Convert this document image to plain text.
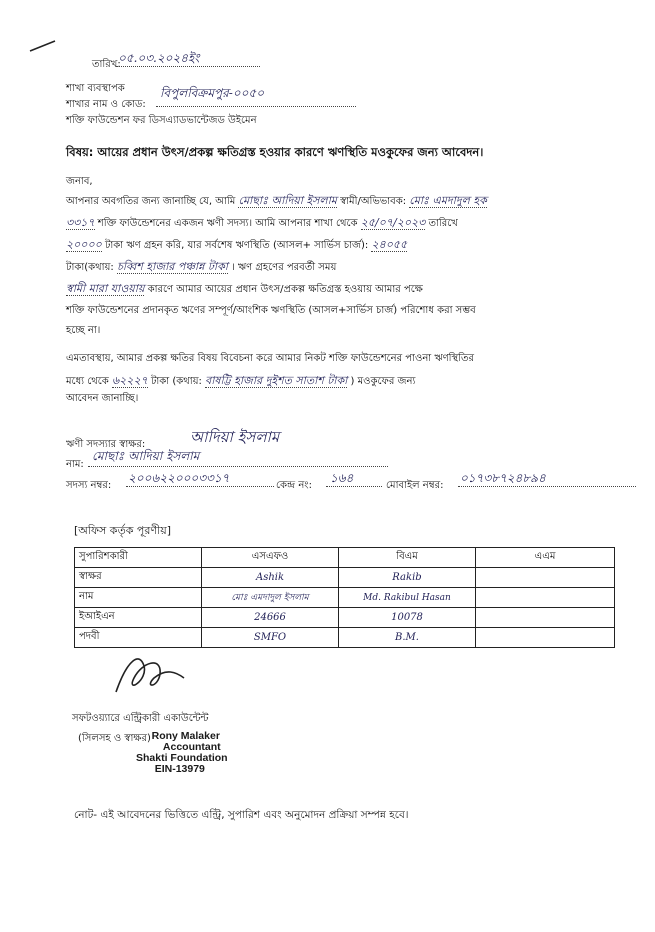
তারিখ:
০৫.০৩.২০২৪ইং
শাখা ব্যবস্থাপক
শাখার নাম ও কোড:
বিপুলবিক্রমপুর-০০৫০
শক্তি ফাউন্ডেশন ফর ডিসএ্যাডভান্টেজড উইমেন
বিষয়: আয়ের প্রধান উৎস/প্রকল্প ক্ষতিগ্রস্ত হওয়ার কারণে ঋণস্থিতি মওকুফের জন্য আবেদন।
জনাব,
আপনার অবগতির জন্য জানাচ্ছি যে, আমি মোছাঃ আদিয়া ইসলাম স্বামী/অভিভাবক: মোঃ এমদাদুল হক
৩৩১৭ শক্তি ফাউন্ডেশনের একজন ঋণী সদস্য। আমি আপনার শাখা থেকে ২৫/০৭/২০২৩ তারিখে
২০০০০ টাকা ঋণ গ্রহন করি, যার সর্বশেষ ঋণস্থিতি (আসল+ সার্ভিস চার্জ): ২৪০৫৫
টাকা(কথায়: চব্বিশ হাজার পঞ্চান্ন টাকা । ঋণ গ্রহণের পরবর্তী সময়
স্বামী মারা যাওয়ায় কারণে আমার আয়ের প্রধান উৎস/প্রকল্প ক্ষতিগ্রস্ত হওয়ায় আমার পক্ষে
শক্তি ফাউন্ডেশনের প্রদানকৃত ঋণের সম্পূর্ণ/আংশিক ঋণস্থিতি (আসল+সার্ভিস চার্জ) পরিশোধ করা সম্ভব
হচ্ছে না।
এমতাবস্থায়, আমার প্রকল্প ক্ষতির বিষয় বিবেচনা করে আমার নিকট শক্তি ফাউন্ডেশনের পাওনা ঋণস্থিতির
মধ্যে থেকে ৬২২২৭ টাকা (কথায়: বাষট্টি হাজার দুইশত সাতাশ টাকা ) মওকুফের জন্য
আবেদন জানাচ্ছি।
ঋণী সদস্যার স্বাক্ষর:	আদিয়া ইসলাম
নাম:
মোছাঃ আদিয়া ইসলাম
সদস্য নম্বর:
২০০৬২২০০০৩৩১৭
কেন্দ্র নং:
১৬৪
মোবাইল নম্বর:
০১৭৩৮৭২৪৮৯৪
[অফিস কর্তৃক পূরণীয়]
সুপারিশকারী	এসএফও	বিএম	এএম
স্বাক্ষর	Ashik	Rakib	
নাম	মোঃ এমদাদুল ইসলাম	Md. Rakibul Hasan	
ইআইএন	24666	10078	
পদবী	SMFO	B.M.	
সফটওয়্যারে এন্ট্রিকারী একাউন্টেন্ট
(সিলসহ ও স্বাক্ষর) Rony Malaker
Accountant
Shakti Foundation
EIN-13979
নোট- এই আবেদনের ভিত্তিতে এন্ট্রি, সুপারিশ এবং অনুমোদন প্রক্রিয়া সম্পন্ন হবে।
